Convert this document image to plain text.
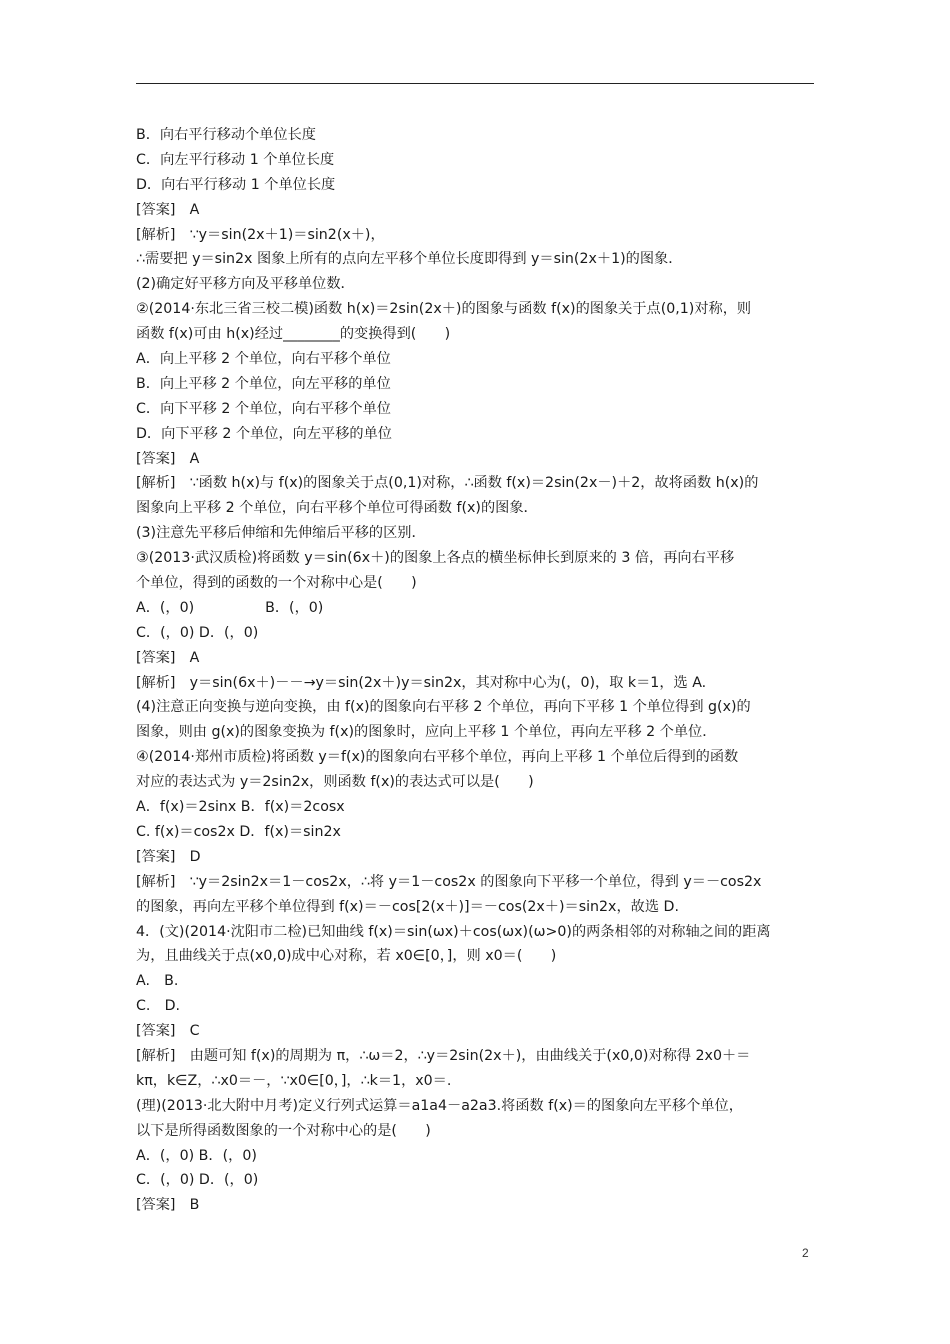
B．向右平行移动个单位长度
C．向左平行移动 1 个单位长度
D．向右平行移动 1 个单位长度
[答案]　A
[解析]　∵y＝sin(2x＋1)＝sin2(x＋)，
∴需要把 y＝sin2x 图象上所有的点向左平移个单位长度即得到 y＝sin(2x＋1)的图象．
(2)确定好平移方向及平移单位数．
②(2014·东北三省三校二模)函数 h(x)＝2sin(2x＋)的图象与函数 f(x)的图象关于点(0,1)对称，则
函数 f(x)可由 h(x)经过________的变换得到(　　)
A．向上平移 2 个单位，向右平移个单位
B．向上平移 2 个单位，向左平移的单位
C．向下平移 2 个单位，向右平移个单位
D．向下平移 2 个单位，向左平移的单位
[答案]　A
[解析]　∵函数 h(x)与 f(x)的图象关于点(0,1)对称，∴函数 f(x)＝2sin(2x－)＋2，故将函数 h(x)的
图象向上平移 2 个单位，向右平移个单位可得函数 f(x)的图象．
(3)注意先平移后伸缩和先伸缩后平移的区别．
③(2013·武汉质检)将函数 y＝sin(6x＋)的图象上各点的横坐标伸长到原来的 3 倍，再向右平移
个单位，得到的函数的一个对称中心是(　　)
A．(，0)　　　　　B．(，0)
C．(，0) D．(，0)
[答案]　A
[解析]　y＝sin(6x＋)－－→y＝sin(2x＋)y＝sin2x，其对称中心为(，0)，取 k＝1，选 A.
(4)注意正向变换与逆向变换，由 f(x)的图象向右平移 2 个单位，再向下平移 1 个单位得到 g(x)的
图象，则由 g(x)的图象变换为 f(x)的图象时，应向上平移 1 个单位，再向左平移 2 个单位．
④(2014·郑州市质检)将函数 y＝f(x)的图象向右平移个单位，再向上平移 1 个单位后得到的函数
对应的表达式为 y＝2sin2x，则函数 f(x)的表达式可以是(　　)
A．f(x)＝2sinx B．f(x)＝2cosx
C. f(x)＝cos2x D．f(x)＝sin2x
[答案]　D
[解析]　∵y＝2sin2x＝1－cos2x，∴将 y＝1－cos2x 的图象向下平移一个单位，得到 y＝－cos2x
的图象，再向左平移个单位得到 f(x)＝－cos[2(x＋)]＝－cos(2x＋)＝sin2x，故选 D.
4．(文)(2014·沈阳市二检)已知曲线 f(x)＝sin(ωx)＋cos(ωx)(ω>0)的两条相邻的对称轴之间的距离
为，且曲线关于点(x0,0)成中心对称，若 x0∈[0，]，则 x0＝(　　)
A.　B.
C.　D.
[答案]　C
[解析]　由题可知 f(x)的周期为 π，∴ω＝2，∴y＝2sin(2x＋)，由曲线关于(x0,0)对称得 2x0＋＝
kπ，k∈Z，∴x0＝－，∵x0∈[0，]，∴k＝1，x0＝.
(理)(2013·北大附中月考)定义行列式运算＝a1a4－a2a3.将函数 f(x)＝的图象向左平移个单位，
以下是所得函数图象的一个对称中心的是(　　)
A．(，0) B．(，0)
C．(，0) D．(，0)
[答案]　B
2
